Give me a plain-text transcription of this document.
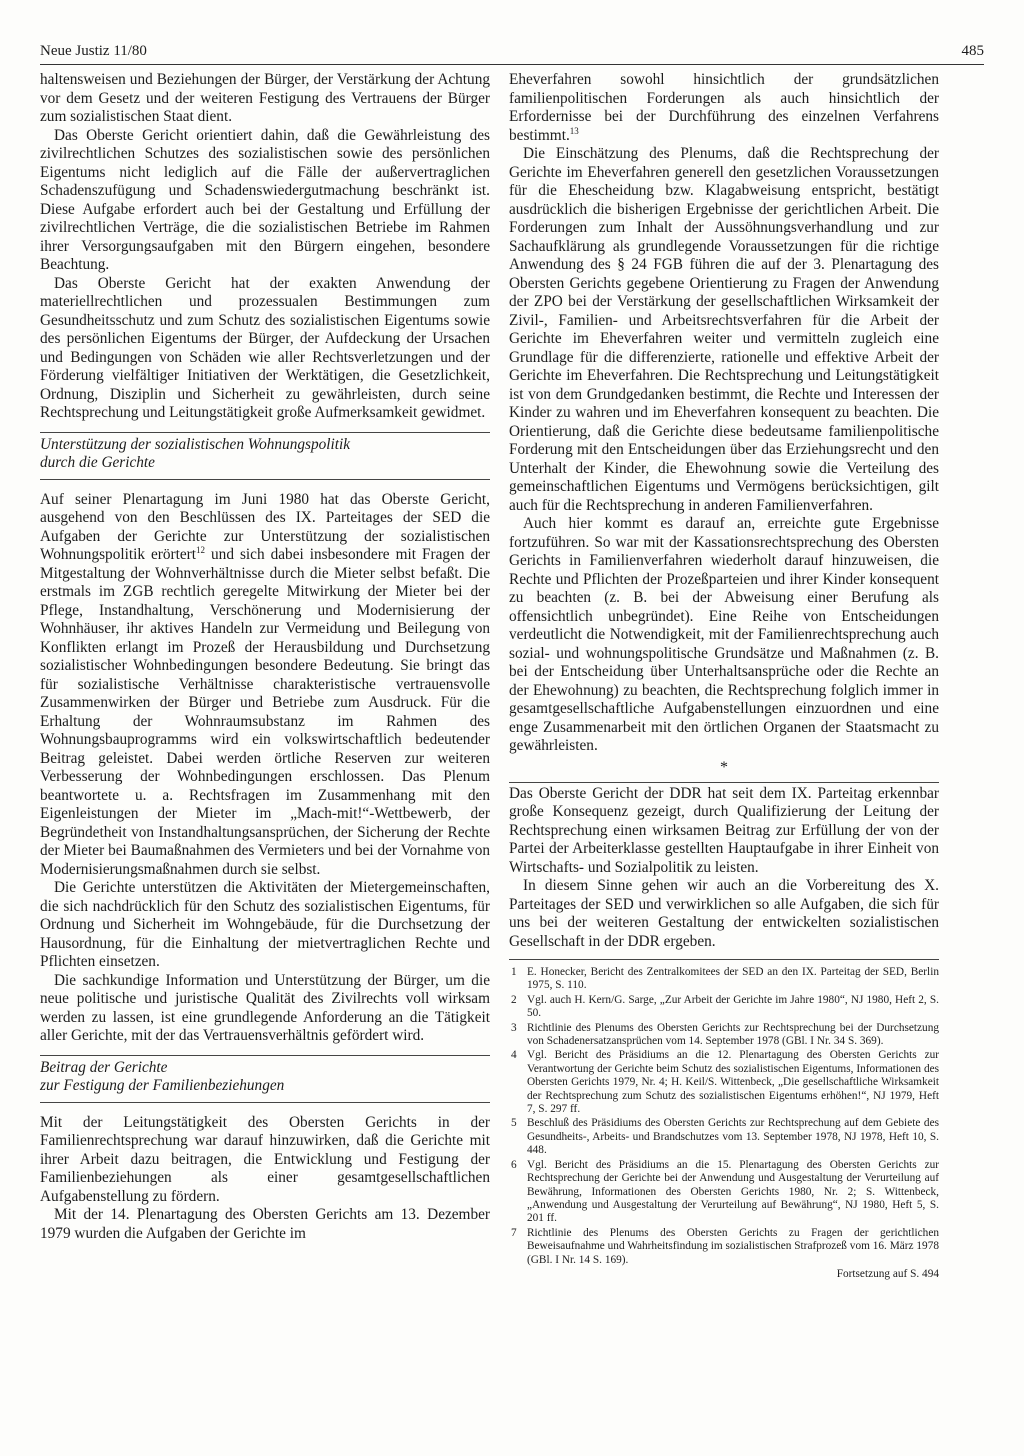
Neue Justiz 11/80	485

haltensweisen und Beziehungen der Bürger, der Verstärkung der Achtung vor dem Gesetz und der weiteren Festigung des Vertrauens der Bürger zum sozialistischen Staat dient.

Das Oberste Gericht orientiert dahin, daß die Gewährleistung des zivilrechtlichen Schutzes des sozialistischen sowie des persönlichen Eigentums nicht lediglich auf die Fälle der außervertraglichen Schadenszufügung und Schadenswiedergutmachung beschränkt ist. Diese Aufgabe erfordert auch bei der Gestaltung und Erfüllung der zivilrechtlichen Verträge, die die sozialistischen Betriebe im Rahmen ihrer Versorgungsaufgaben mit den Bürgern eingehen, besondere Beachtung.

Das Oberste Gericht hat der exakten Anwendung der materiellrechtlichen und prozessualen Bestimmungen zum Gesundheitsschutz und zum Schutz des sozialistischen Eigentums sowie des persönlichen Eigentums der Bürger, der Aufdeckung der Ursachen und Bedingungen von Schäden wie aller Rechtsverletzungen und der Förderung vielfältiger Initiativen der Werktätigen, die Gesetzlichkeit, Ordnung, Disziplin und Sicherheit zu gewährleisten, durch seine Rechtsprechung und Leitungstätigkeit große Aufmerksamkeit gewidmet.

Unterstützung der sozialistischen Wohnungspolitik
durch die Gerichte

Auf seiner Plenartagung im Juni 1980 hat das Oberste Gericht, ausgehend von den Beschlüssen des IX. Parteitages der SED die Aufgaben der Gerichte zur Unterstützung der sozialistischen Wohnungspolitik erörtert$^{12}$ und sich dabei insbesondere mit Fragen der Mitgestaltung der Wohnverhältnisse durch die Mieter selbst befaßt. Die erstmals im ZGB rechtlich geregelte Mitwirkung der Mieter bei der Pflege, Instandhaltung, Verschönerung und Modernisierung der Wohnhäuser, ihr aktives Handeln zur Vermeidung und Beilegung von Konflikten erlangt im Prozeß der Herausbildung und Durchsetzung sozialistischer Wohnbedingungen besondere Bedeutung. Sie bringt das für sozialistische Verhältnisse charakteristische vertrauensvolle Zusammenwirken der Bürger und Betriebe zum Ausdruck. Für die Erhaltung der Wohnraumsubstanz im Rahmen des Wohnungsbauprogramms wird ein volkswirtschaftlich bedeutender Beitrag geleistet. Dabei werden örtliche Reserven zur weiteren Verbesserung der Wohnbedingungen erschlossen. Das Plenum beantwortete u. a. Rechtsfragen im Zusammenhang mit den Eigenleistungen der Mieter im „Mach-mit!“-Wettbewerb, der Begründetheit von Instandhaltungsansprüchen, der Sicherung der Rechte der Mieter bei Baumaßnahmen des Vermieters und bei der Vornahme von Modernisierungsmaßnahmen durch sie selbst.

Die Gerichte unterstützen die Aktivitäten der Mietergemeinschaften, die sich nachdrücklich für den Schutz des sozialistischen Eigentums, für Ordnung und Sicherheit im Wohngebäude, für die Durchsetzung der Hausordnung, für die Einhaltung der mietvertraglichen Rechte und Pflichten einsetzen.

Die sachkundige Information und Unterstützung der Bürger, um die neue politische und juristische Qualität des Zivilrechts voll wirksam werden zu lassen, ist eine grundlegende Anforderung an die Tätigkeit aller Gerichte, mit der das Vertrauensverhältnis gefördert wird.

Beitrag der Gerichte
zur Festigung der Familienbeziehungen

Mit der Leitungstätigkeit des Obersten Gerichts in der Familienrechtsprechung war darauf hinzuwirken, daß die Gerichte mit ihrer Arbeit dazu beitragen, die Entwicklung und Festigung der Familienbeziehungen als einer gesamtgesellschaftlichen Aufgabenstellung zu fördern.

Mit der 14. Plenartagung des Obersten Gerichts am 13. Dezember 1979 wurden die Aufgaben der Gerichte im

Eheverfahren sowohl hinsichtlich der grundsätzlichen familienpolitischen Forderungen als auch hinsichtlich der Erfordernisse bei der Durchführung des einzelnen Verfahrens bestimmt.$^{13}$

Die Einschätzung des Plenums, daß die Rechtsprechung der Gerichte im Eheverfahren generell den gesetzlichen Voraussetzungen für die Ehescheidung bzw. Klagabweisung entspricht, bestätigt ausdrücklich die bisherigen Ergebnisse der gerichtlichen Arbeit. Die Forderungen zum Inhalt der Aussöhnungsverhandlung und zur Sachaufklärung als grundlegende Voraussetzungen für die richtige Anwendung des § 24 FGB führen die auf der 3. Plenartagung des Obersten Gerichts gegebene Orientierung zu Fragen der Anwendung der ZPO bei der Verstärkung der gesellschaftlichen Wirksamkeit der Zivil-, Familien- und Arbeitsrechtsverfahren für die Arbeit der Gerichte im Eheverfahren weiter und vermitteln zugleich eine Grundlage für die differenzierte, rationelle und effektive Arbeit der Gerichte im Eheverfahren. Die Rechtsprechung und Leitungstätigkeit ist von dem Grundgedanken bestimmt, die Rechte und Interessen der Kinder zu wahren und im Eheverfahren konsequent zu beachten. Die Orientierung, daß die Gerichte diese bedeutsame familienpolitische Forderung mit den Entscheidungen über das Erziehungsrecht und den Unterhalt der Kinder, die Ehewohnung sowie die Verteilung des gemeinschaftlichen Eigentums und Vermögens berücksichtigen, gilt auch für die Rechtsprechung in anderen Familienverfahren.

Auch hier kommt es darauf an, erreichte gute Ergebnisse fortzuführen. So war mit der Kassationsrechtsprechung des Obersten Gerichts in Familienverfahren wiederholt darauf hinzuweisen, die Rechte und Pflichten der Prozeßparteien und ihrer Kinder konsequent zu beachten (z. B. bei der Abweisung einer Berufung als offensichtlich unbegründet). Eine Reihe von Entscheidungen verdeutlicht die Notwendigkeit, mit der Familienrechtsprechung auch sozial- und wohnungspolitische Grundsätze und Maßnahmen (z. B. bei der Entscheidung über Unterhaltsansprüche oder die Rechte an der Ehewohnung) zu beachten, die Rechtsprechung folglich immer in gesamtgesellschaftliche Aufgabenstellungen einzuordnen und eine enge Zusammenarbeit mit den örtlichen Organen der Staatsmacht zu gewährleisten.

*

Das Oberste Gericht der DDR hat seit dem IX. Parteitag erkennbar große Konsequenz gezeigt, durch Qualifizierung der Leitung der Rechtsprechung einen wirksamen Beitrag zur Erfüllung der von der Partei der Arbeiterklasse gestellten Hauptaufgabe in ihrer Einheit von Wirtschafts- und Sozialpolitik zu leisten.

In diesem Sinne gehen wir auch an die Vorbereitung des X. Parteitages der SED und verwirklichen so alle Aufgaben, die sich für uns bei der weiteren Gestaltung der entwickelten sozialistischen Gesellschaft in der DDR ergeben.

1 E. Honecker, Bericht des Zentralkomitees der SED an den IX. Parteitag der SED, Berlin 1975, S. 110.
2 Vgl. auch H. Kern/G. Sarge, „Zur Arbeit der Gerichte im Jahre 1980“, NJ 1980, Heft 2, S. 50.
3 Richtlinie des Plenums des Obersten Gerichts zur Rechtsprechung bei der Durchsetzung von Schadenersatzansprüchen vom 14. September 1978 (GBl. I Nr. 34 S. 369).
4 Vgl. Bericht des Präsidiums an die 12. Plenartagung des Obersten Gerichts zur Verantwortung der Gerichte beim Schutz des sozialistischen Eigentums, Informationen des Obersten Gerichts 1979, Nr. 4; H. Keil/S. Wittenbeck, „Die gesellschaftliche Wirksamkeit der Rechtsprechung zum Schutz des sozialistischen Eigentums erhöhen!“, NJ 1979, Heft 7, S. 297 ff.
5 Beschluß des Präsidiums des Obersten Gerichts zur Rechtsprechung auf dem Gebiete des Gesundheits-, Arbeits- und Brandschutzes vom 13. September 1978, NJ 1978, Heft 10, S. 448.
6 Vgl. Bericht des Präsidiums an die 15. Plenartagung des Obersten Gerichts zur Rechtsprechung der Gerichte bei der Anwendung und Ausgestaltung der Verurteilung auf Bewährung, Informationen des Obersten Gerichts 1980, Nr. 2; S. Wittenbeck, „Anwendung und Ausgestaltung der Verurteilung auf Bewährung“, NJ 1980, Heft 5, S. 201 ff.
7 Richtlinie des Plenums des Obersten Gerichts zu Fragen der gerichtlichen Beweisaufnahme und Wahrheitsfindung im sozialistischen Strafprozeß vom 16. März 1978 (GBl. I Nr. 14 S. 169).
Fortsetzung auf S. 494
